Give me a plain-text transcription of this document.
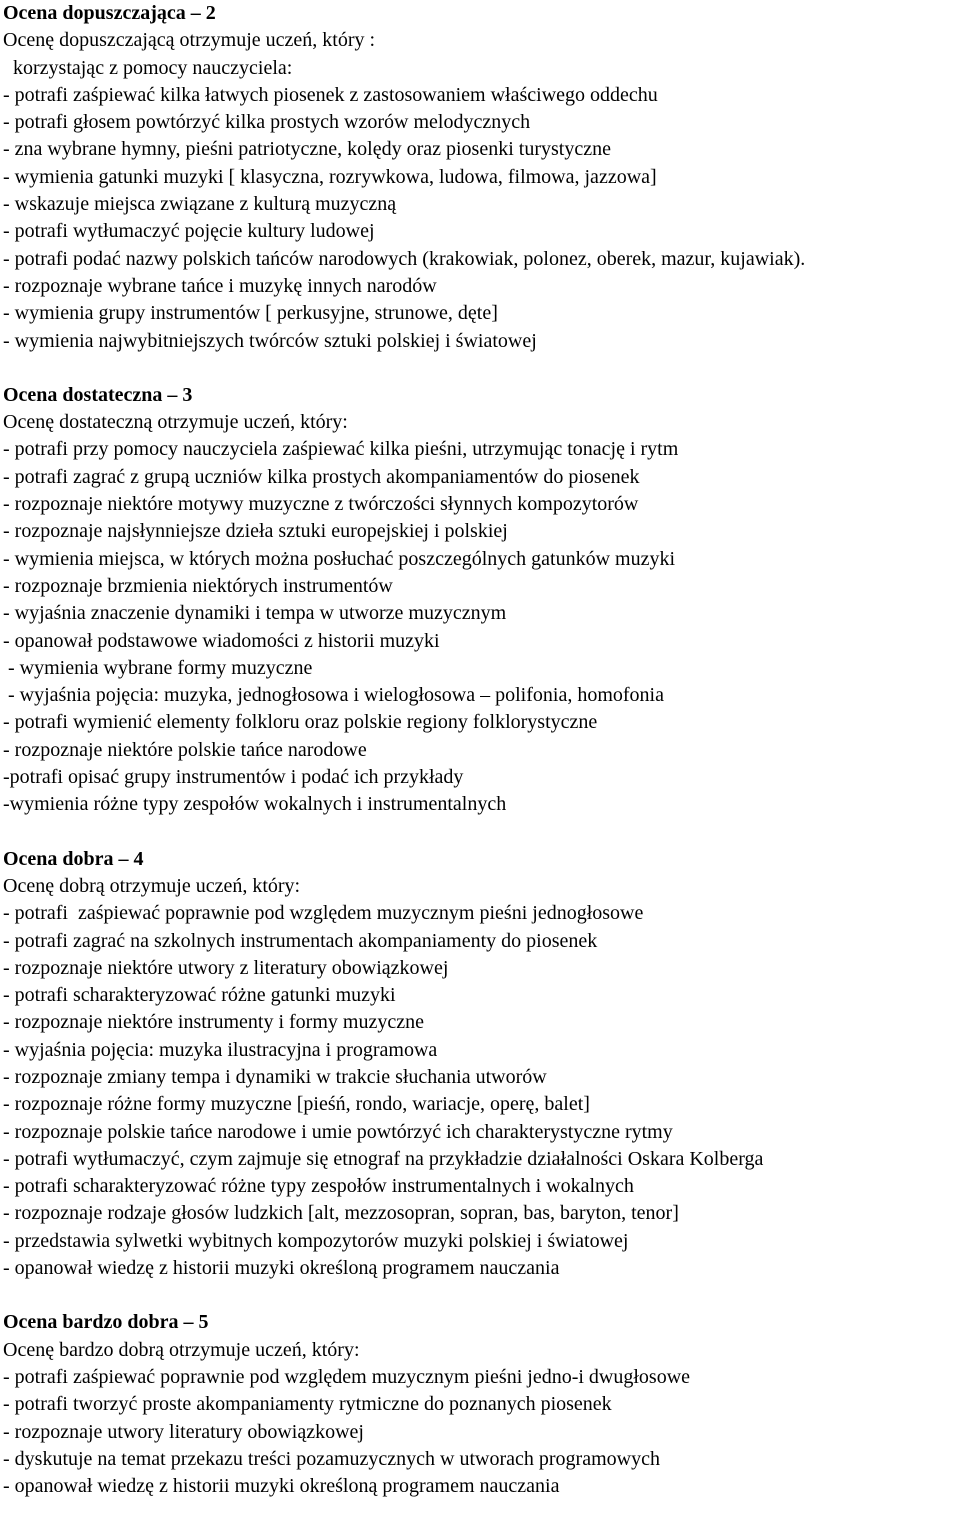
Ocena dopuszczająca – 2
Ocenę dopuszczającą otrzymuje uczeń, który :
korzystając z pomocy nauczyciela:
- potrafi zaśpiewać kilka łatwych piosenek z zastosowaniem właściwego oddechu
- potrafi głosem powtórzyć kilka prostych wzorów melodycznych
- zna wybrane hymny, pieśni patriotyczne, kolędy oraz piosenki turystyczne
- wymienia gatunki muzyki [ klasyczna, rozrywkowa, ludowa, filmowa, jazzowa]
- wskazuje miejsca związane z kulturą muzyczną
- potrafi wytłumaczyć pojęcie kultury ludowej
- potrafi podać nazwy polskich tańców narodowych (krakowiak, polonez, oberek, mazur, kujawiak).
- rozpoznaje wybrane tańce i muzykę innych narodów
- wymienia grupy instrumentów [ perkusyjne, strunowe, dęte]
- wymienia najwybitniejszych twórców sztuki polskiej i światowej
Ocena dostateczna – 3
Ocenę dostateczną otrzymuje uczeń, który:
- potrafi przy pomocy nauczyciela zaśpiewać kilka pieśni, utrzymując tonację i rytm
- potrafi zagrać z grupą uczniów kilka prostych akompaniamentów do piosenek
- rozpoznaje niektóre motywy muzyczne z twórczości słynnych kompozytorów
- rozpoznaje najsłynniejsze dzieła sztuki europejskiej i polskiej
- wymienia miejsca, w których można posłuchać poszczególnych gatunków muzyki
- rozpoznaje brzmienia niektórych instrumentów
- wyjaśnia znaczenie dynamiki i tempa w utworze muzycznym
- opanował podstawowe wiadomości z historii muzyki
- wymienia wybrane formy muzyczne
- wyjaśnia pojęcia: muzyka, jednogłosowa i wielogłosowa – polifonia, homofonia
- potrafi wymienić elementy folkloru oraz polskie regiony folklorystyczne
- rozpoznaje niektóre polskie tańce narodowe
-potrafi opisać grupy instrumentów i podać ich przykłady
-wymienia różne typy zespołów wokalnych i instrumentalnych
Ocena dobra – 4
Ocenę dobrą otrzymuje uczeń, który:
- potrafi  zaśpiewać poprawnie pod względem muzycznym pieśni jednogłosowe
- potrafi zagrać na szkolnych instrumentach akompaniamenty do piosenek
- rozpoznaje niektóre utwory z literatury obowiązkowej
- potrafi scharakteryzować różne gatunki muzyki
- rozpoznaje niektóre instrumenty i formy muzyczne
- wyjaśnia pojęcia: muzyka ilustracyjna i programowa
- rozpoznaje zmiany tempa i dynamiki w trakcie słuchania utworów
- rozpoznaje różne formy muzyczne [pieśń, rondo, wariacje, operę, balet]
- rozpoznaje polskie tańce narodowe i umie powtórzyć ich charakterystyczne rytmy
- potrafi wytłumaczyć, czym zajmuje się etnograf na przykładzie działalności Oskara Kolberga
- potrafi scharakteryzować różne typy zespołów instrumentalnych i wokalnych
- rozpoznaje rodzaje głosów ludzkich [alt, mezzosopran, sopran, bas, baryton, tenor]
- przedstawia sylwetki wybitnych kompozytorów muzyki polskiej i światowej
- opanował wiedzę z historii muzyki określoną programem nauczania
Ocena bardzo dobra – 5
Ocenę bardzo dobrą otrzymuje uczeń, który:
- potrafi zaśpiewać poprawnie pod względem muzycznym pieśni jedno-i dwugłosowe
- potrafi tworzyć proste akompaniamenty rytmiczne do poznanych piosenek
- rozpoznaje utwory literatury obowiązkowej
- dyskutuje na temat przekazu treści pozamuzycznych w utworach programowych
- opanował wiedzę z historii muzyki określoną programem nauczania
